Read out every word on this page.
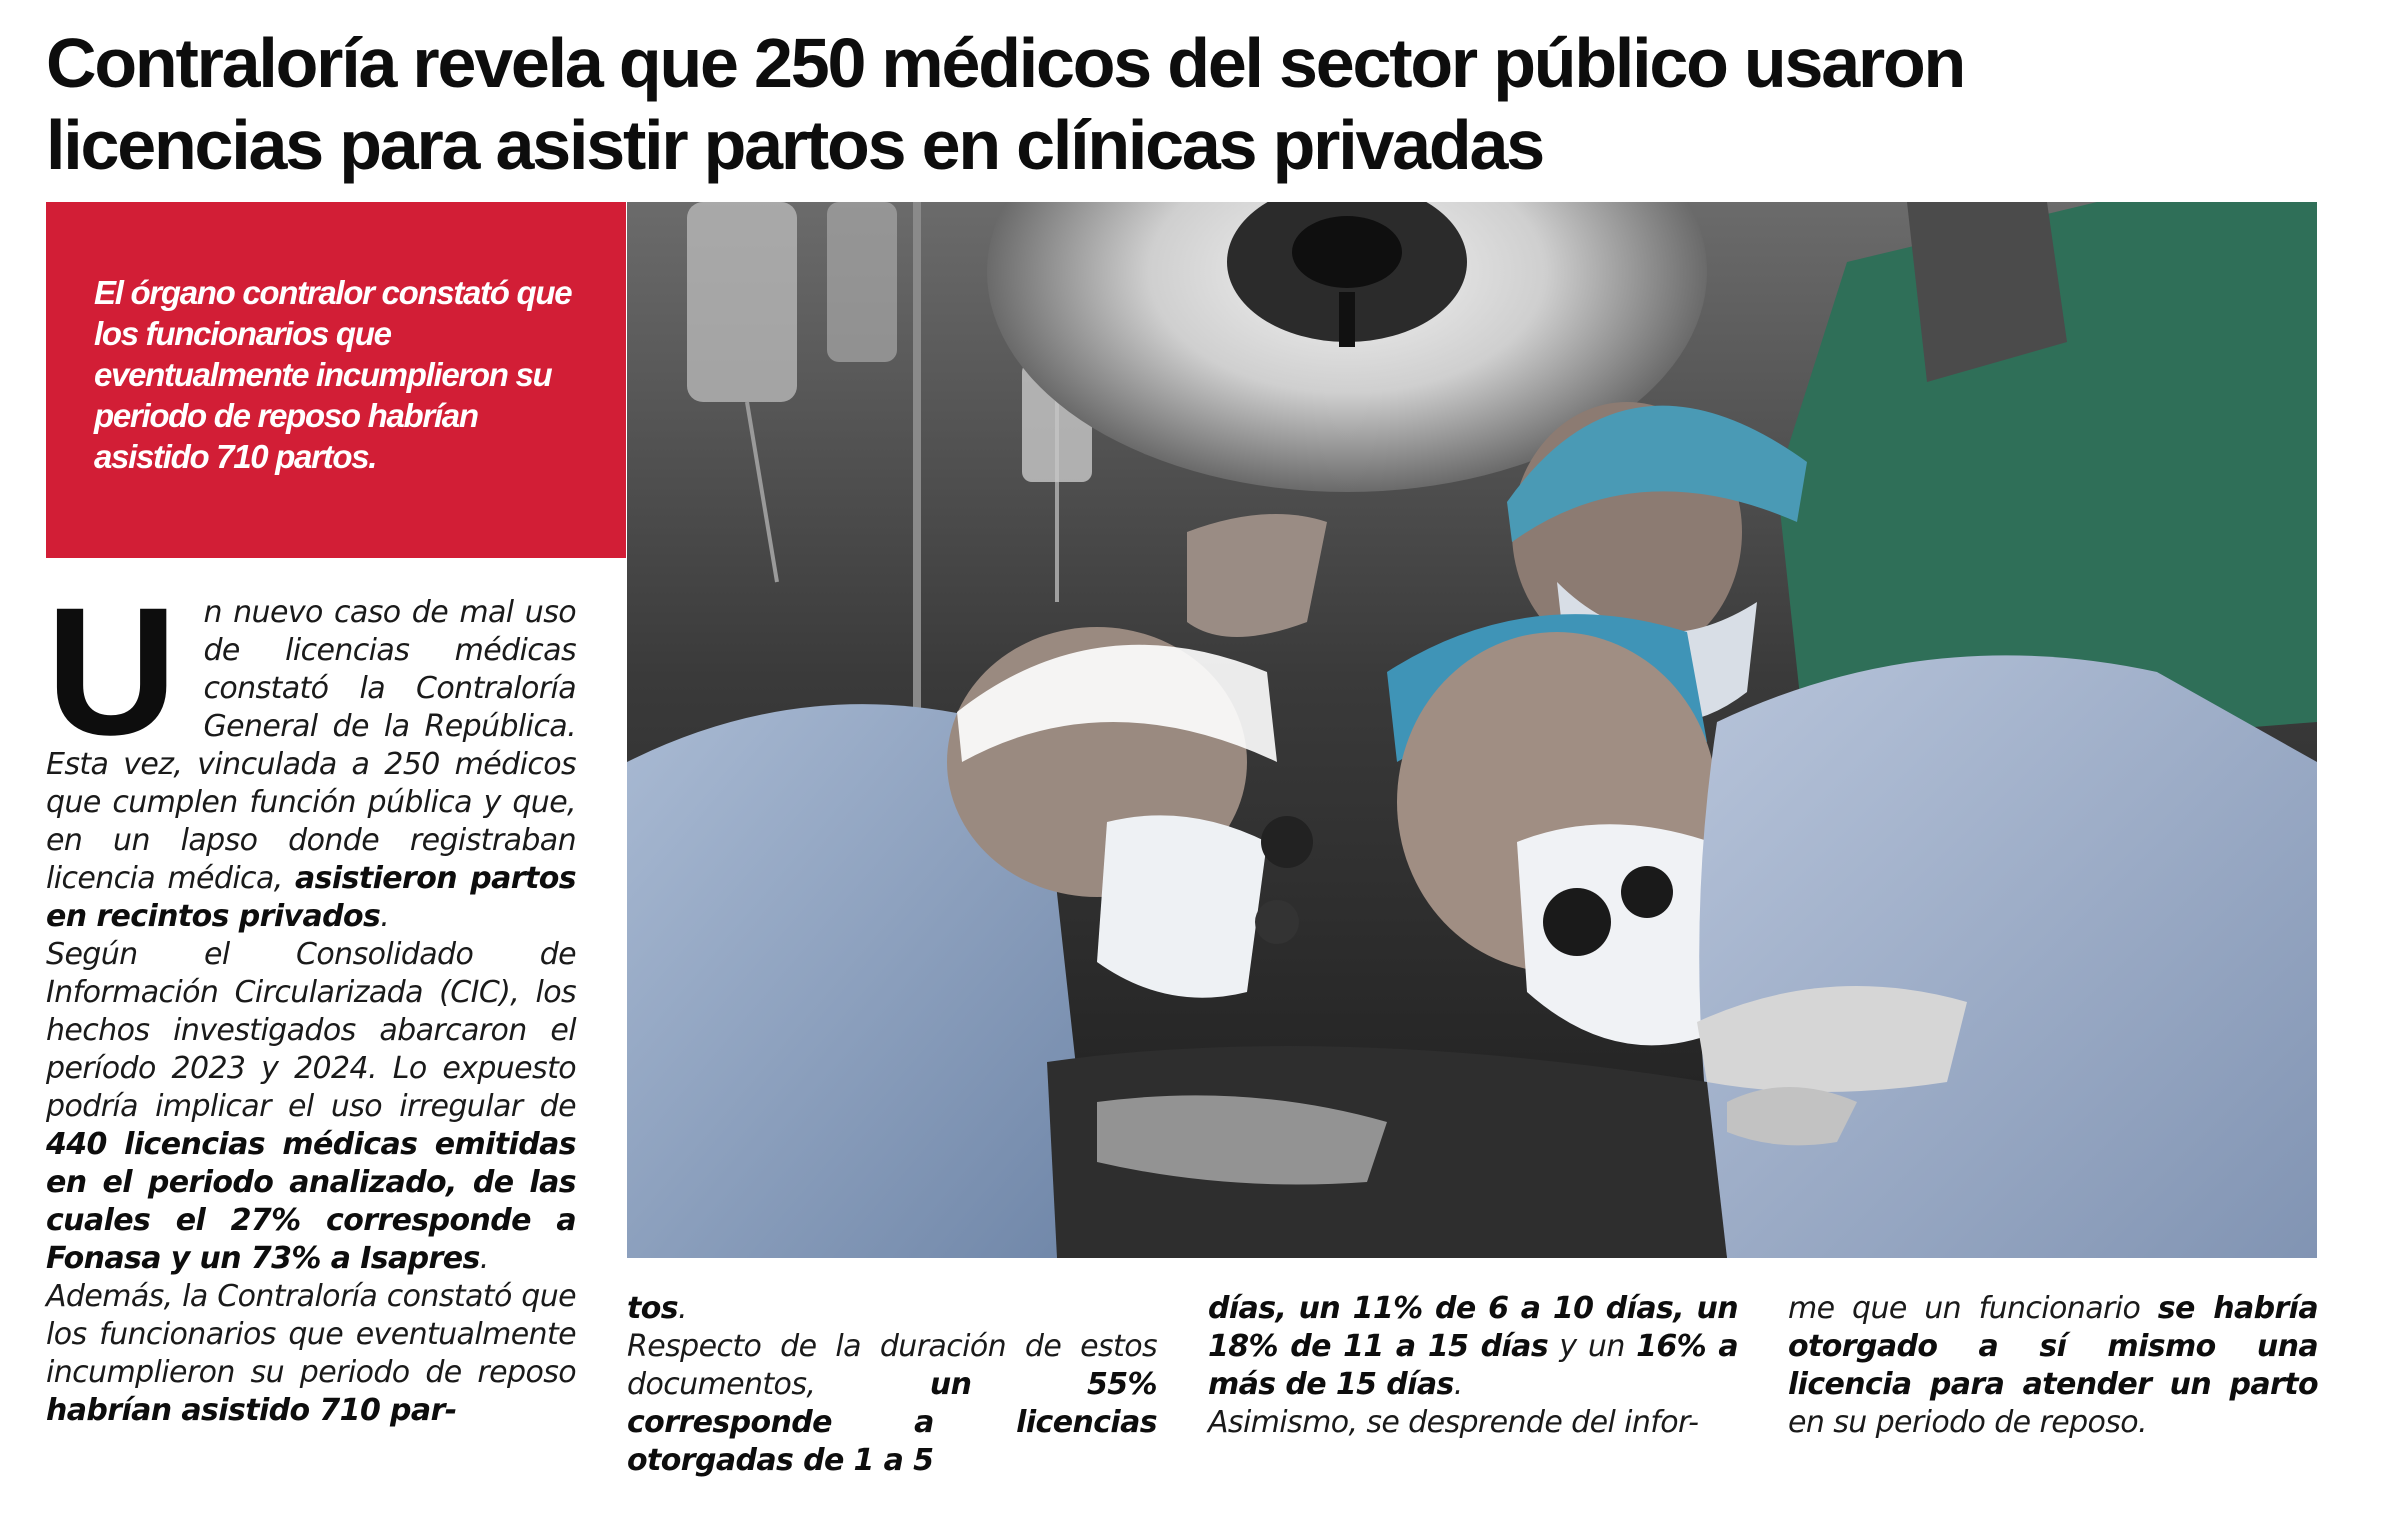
Contraloría revela que 250 médicos del sector público usaron
licencias para asistir partos en clínicas privadas

El órgano contralor constató que los funcionarios que eventualmente incumplieron su periodo de reposo habrían asistido 710 partos.

U n nuevo caso de mal uso de licencias médicas constató la Contraloría General de la República. Esta vez, vinculada a 250 médicos que cumplen función pública y que, en un lapso donde registraban licencia médica, asistieron partos en recintos privados.

Según el Consolidado de Información Circularizada (CIC), los hechos investigados abarcaron el período 2023 y 2024. Lo expuesto podría implicar el uso irregular de 440 licencias médicas emitidas en el periodo analizado, de las cuales el 27% corresponde a Fonasa y un 73% a Isapres.

Además, la Contraloría constató que los funcionarios que eventualmente incumplieron su periodo de reposo habrían asistido 710 par-

tos.

Respecto de la duración de estos documentos, un 55% corresponde a licencias otorgadas de 1 a 5

días, un 11% de 6 a 10 días, un 18% de 11 a 15 días y un 16% a más de 15 días.

Asimismo, se desprende del infor-

me que un funcionario se habría otorgado a sí mismo una licencia para atender un parto en su periodo de reposo.
